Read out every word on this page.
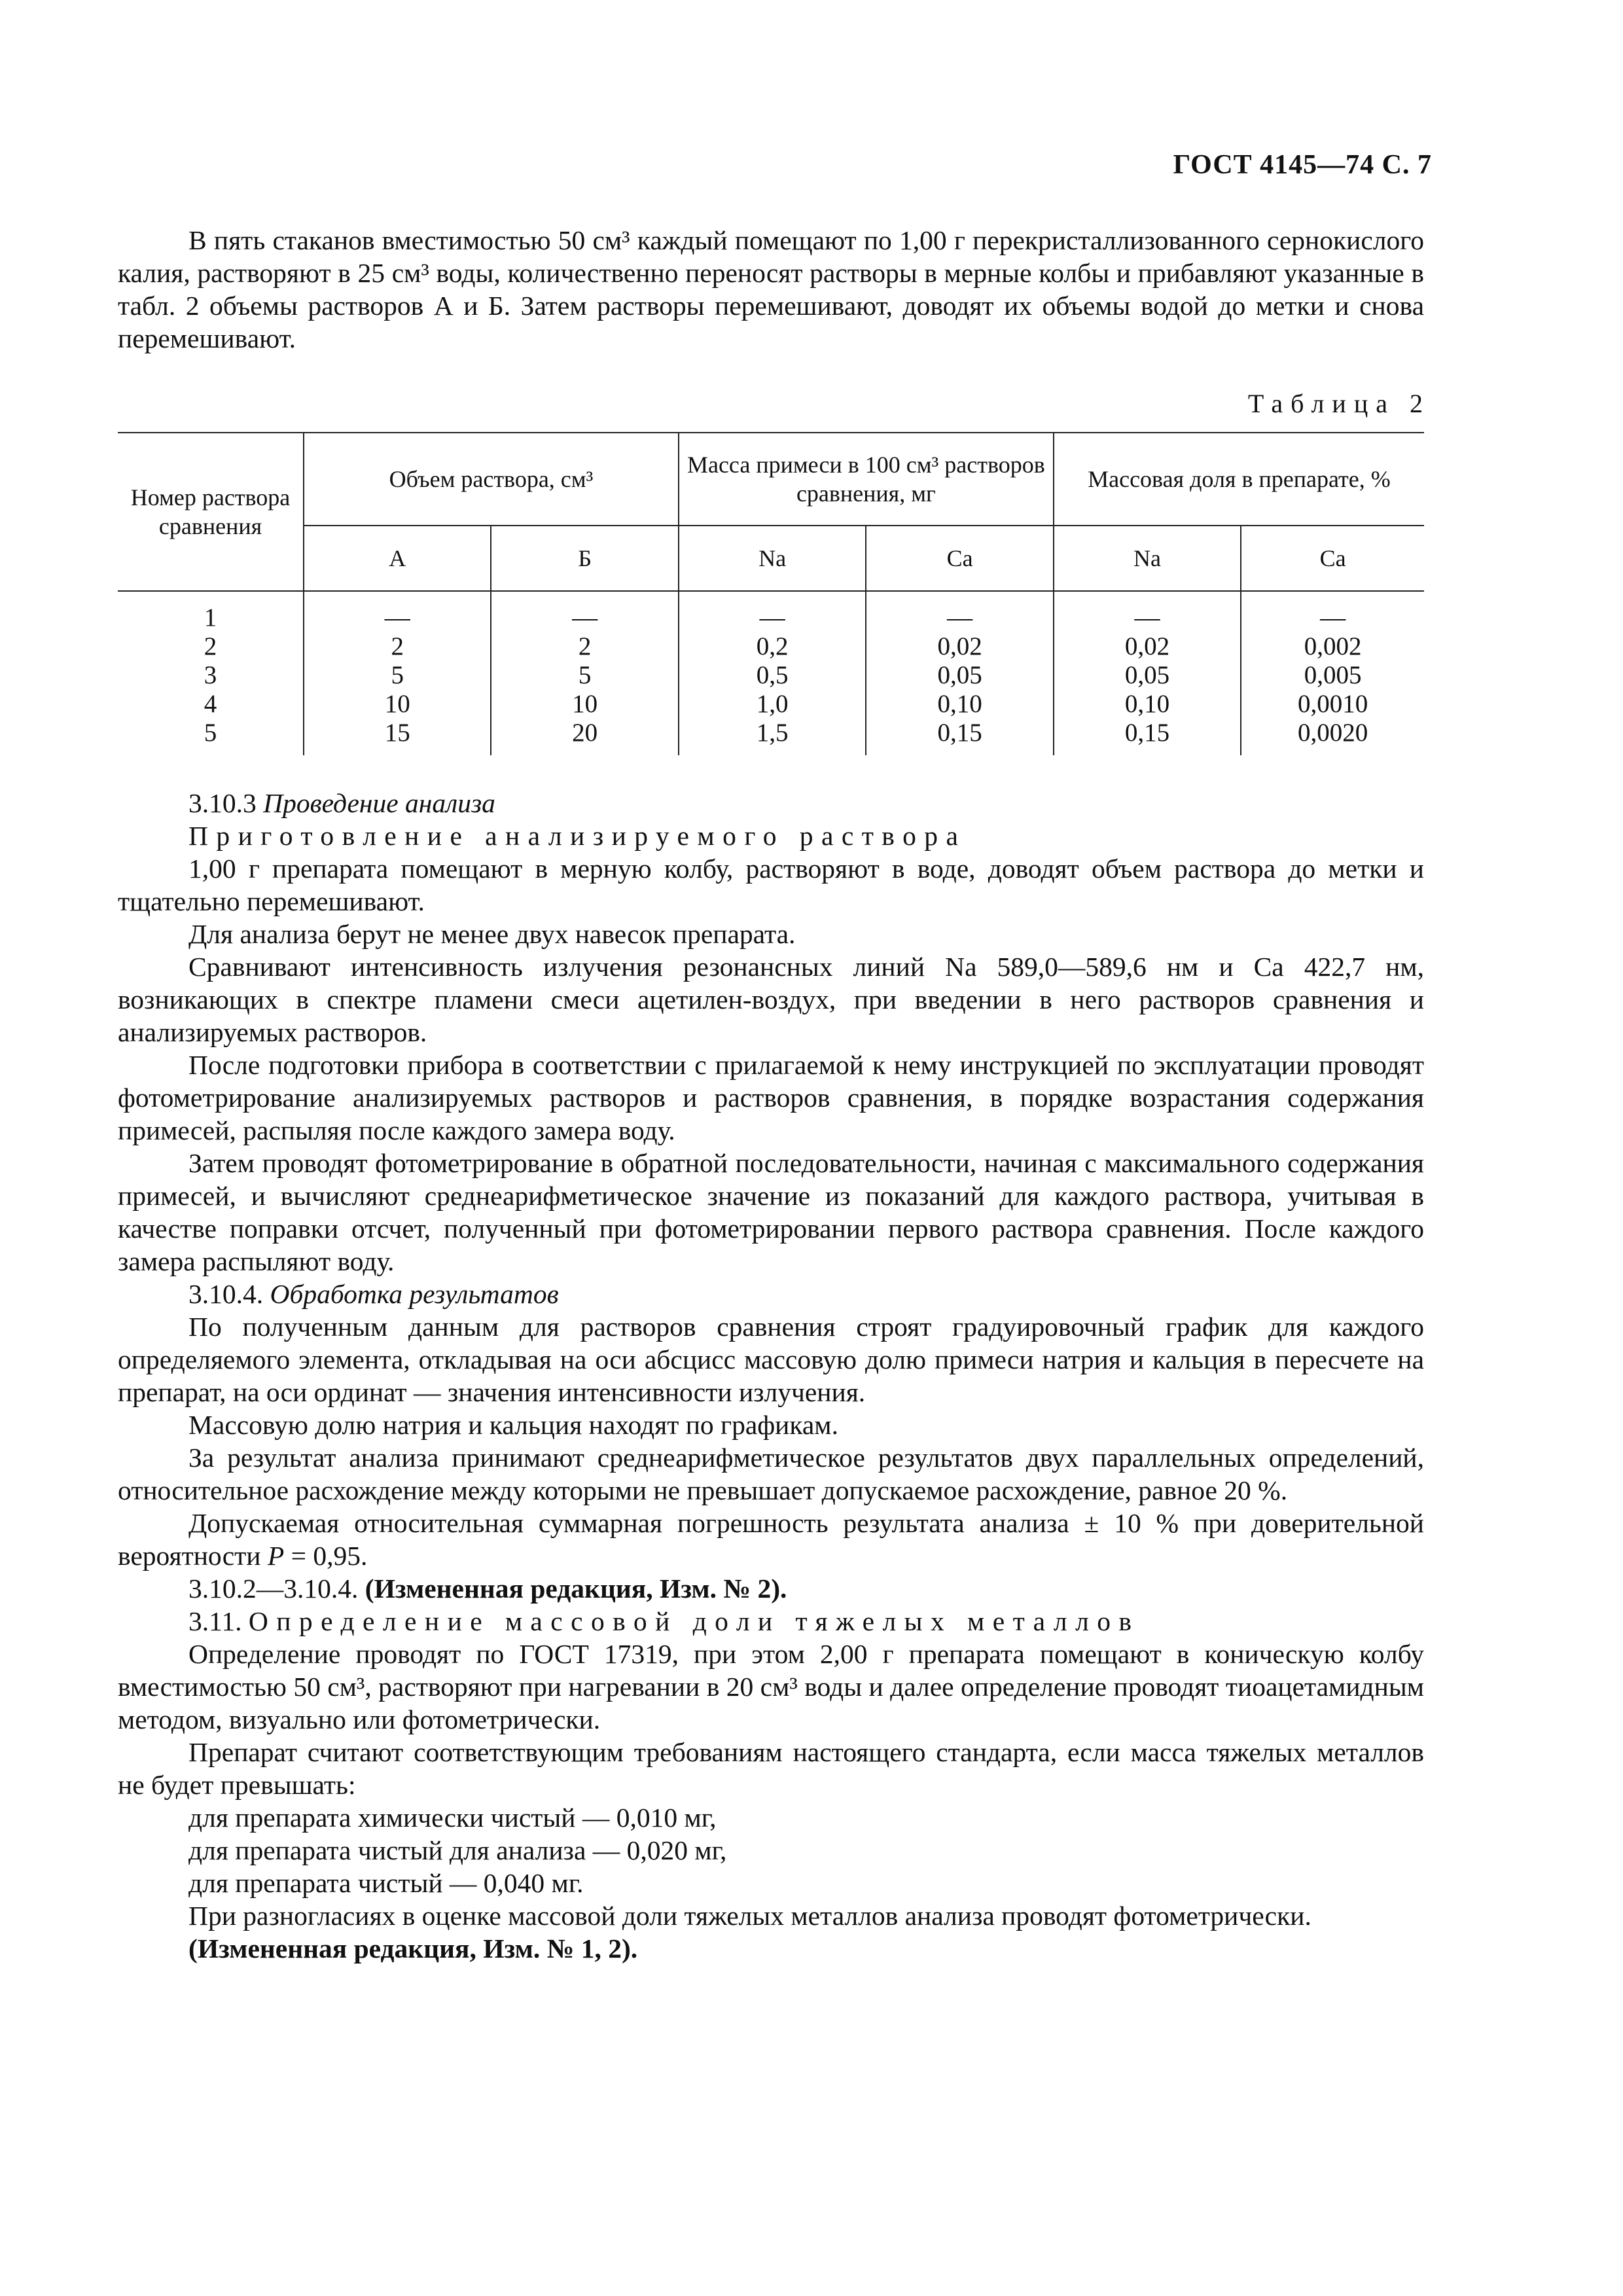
ГОСТ 4145—74 С. 7

В пять стаканов вместимостью 50 см³ каждый помещают по 1,00 г перекристаллизованного сернокислого калия, растворяют в 25 см³ воды, количественно переносят растворы в мерные колбы и прибавляют указанные в табл. 2 объемы растворов А и Б. Затем растворы перемешивают, доводят их объемы водой до метки и снова перемешивают.

Таблица 2
Номер раствора сравнения	Объем раствора, см³		Масса примеси в 100 см³ растворов сравнения, мг		Массовая доля в препарате, %	
	А	Б	Na	Ca	Na	Ca
1	—	—	—	—	—	—
2	2	2	0,2	0,02	0,02	0,002
3	5	5	0,5	0,05	0,05	0,005
4	10	10	1,0	0,10	0,10	0,0010
5	15	20	1,5	0,15	0,15	0,0020

3.10.3 Проведение анализа

Приготовление анализируемого раствора

1,00 г препарата помещают в мерную колбу, растворяют в воде, доводят объем раствора до метки и тщательно перемешивают.

Для анализа берут не менее двух навесок препарата.

Сравнивают интенсивность излучения резонансных линий Na 589,0—589,6 нм и Ca 422,7 нм, возникающих в спектре пламени смеси ацетилен-воздух, при введении в него растворов сравнения и анализируемых растворов.

После подготовки прибора в соответствии с прилагаемой к нему инструкцией по эксплуатации проводят фотометрирование анализируемых растворов и растворов сравнения, в порядке возрастания содержания примесей, распыляя после каждого замера воду.

Затем проводят фотометрирование в обратной последовательности, начиная с максимального содержания примесей, и вычисляют среднеарифметическое значение из показаний для каждого раствора, учитывая в качестве поправки отсчет, полученный при фотометрировании первого раствора сравнения. После каждого замера распыляют воду.

3.10.4. Обработка результатов

По полученным данным для растворов сравнения строят градуировочный график для каждого определяемого элемента, откладывая на оси абсцисс массовую долю примеси натрия и кальция в пересчете на препарат, на оси ординат — значения интенсивности излучения.

Массовую долю натрия и кальция находят по графикам.

За результат анализа принимают среднеарифметическое результатов двух параллельных определений, относительное расхождение между которыми не превышает допускаемое расхождение, равное 20 %.

Допускаемая относительная суммарная погрешность результата анализа ± 10 % при доверительной вероятности P = 0,95.

3.10.2—3.10.4. (Измененная редакция, Изм. № 2).

3.11. Определение массовой доли тяжелых металлов

Определение проводят по ГОСТ 17319, при этом 2,00 г препарата помещают в коническую колбу вместимостью 50 см³, растворяют при нагревании в 20 см³ воды и далее определение проводят тиоацетамидным методом, визуально или фотометрически.

Препарат считают соответствующим требованиям настоящего стандарта, если масса тяжелых металлов не будет превышать:

для препарата химически чистый — 0,010 мг,

для препарата чистый для анализа — 0,020 мг,

для препарата чистый — 0,040 мг.

При разногласиях в оценке массовой доли тяжелых металлов анализа проводят фотометрически.

(Измененная редакция, Изм. № 1, 2).
